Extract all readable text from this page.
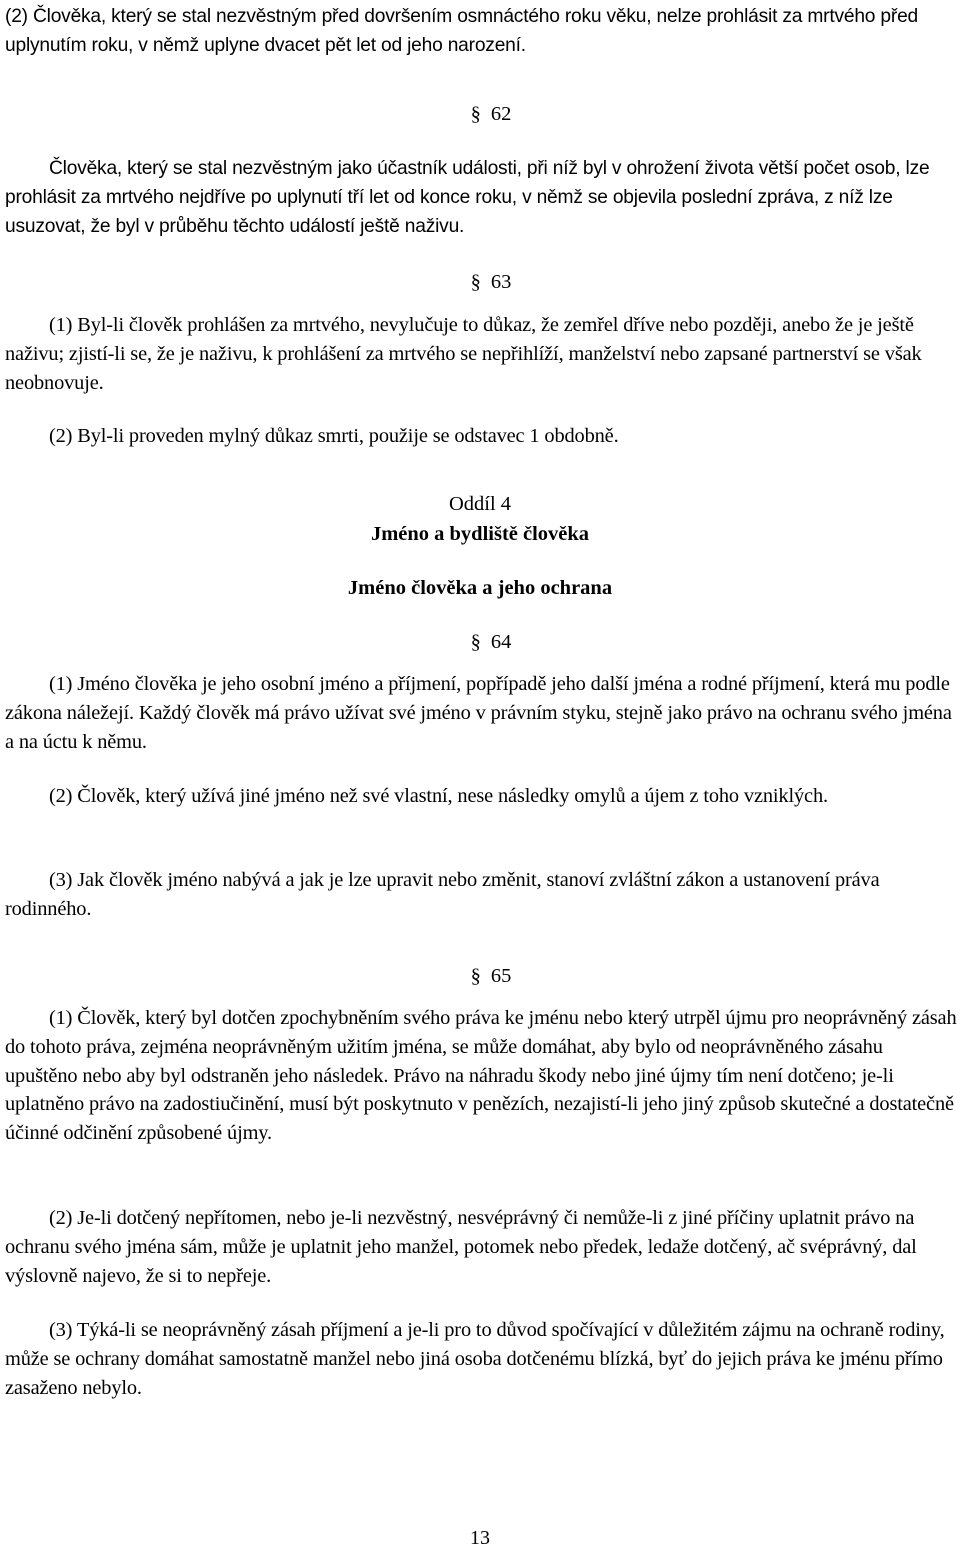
(2) Člověka, který se stal nezvěstným před dovršením osmnáctého roku věku, nelze prohlásit za mrtvého před uplynutím roku, v němž uplyne dvacet pět let od jeho narození.

§ 62

Člověka, který se stal nezvěstným jako účastník události, při níž byl v ohrožení života větší počet osob, lze prohlásit za mrtvého nejdříve po uplynutí tří let od konce roku, v němž se objevila poslední zpráva, z níž lze usuzovat, že byl v průběhu těchto událostí ještě naživu.

§ 63

(1) Byl-li člověk prohlášen za mrtvého, nevylučuje to důkaz, že zemřel dříve nebo později, anebo že je ještě naživu; zjistí-li se, že je naživu, k prohlášení za mrtvého se nepřihlíží, manželství nebo zapsané partnerství se však neobnovuje.

(2) Byl-li proveden mylný důkaz smrti, použije se odstavec 1 obdobně.

Oddíl 4

Jméno a bydliště člověka

Jméno člověka a jeho ochrana

§ 64

(1) Jméno člověka je jeho osobní jméno a příjmení, popřípadě jeho další jména a rodné příjmení, která mu podle zákona náležejí. Každý člověk má právo užívat své jméno v právním styku, stejně jako právo na ochranu svého jména a na úctu k němu.

(2) Člověk, který užívá jiné jméno než své vlastní, nese následky omylů a újem z toho vzniklých.

(3) Jak člověk jméno nabývá a jak je lze upravit nebo změnit, stanoví zvláštní zákon a ustanovení práva rodinného.

§ 65

(1) Člověk, který byl dotčen zpochybněním svého práva ke jménu nebo který utrpěl újmu pro neoprávněný zásah do tohoto práva, zejména neoprávněným užitím jména, se může domáhat, aby bylo od neoprávněného zásahu upuštěno nebo aby byl odstraněn jeho následek. Právo na náhradu škody nebo jiné újmy tím není dotčeno; je-li uplatněno právo na zadostiučinění, musí být poskytnuto v penězích, nezajistí-li jeho jiný způsob skutečné a dostatečně účinné odčinění způsobené újmy.

(2) Je-li dotčený nepřítomen, nebo je-li nezvěstný, nesvéprávný či nemůže-li z jiné příčiny uplatnit právo na ochranu svého jména sám, může je uplatnit jeho manžel, potomek nebo předek, ledaže dotčený, ač svéprávný, dal výslovně najevo, že si to nepřeje.

(3) Týká-li se neoprávněný zásah příjmení a je-li pro to důvod spočívající v důležitém zájmu na ochraně rodiny, může se ochrany domáhat samostatně manžel nebo jiná osoba dotčenému blízká, byť do jejich práva ke jménu přímo zasaženo nebylo.

13
